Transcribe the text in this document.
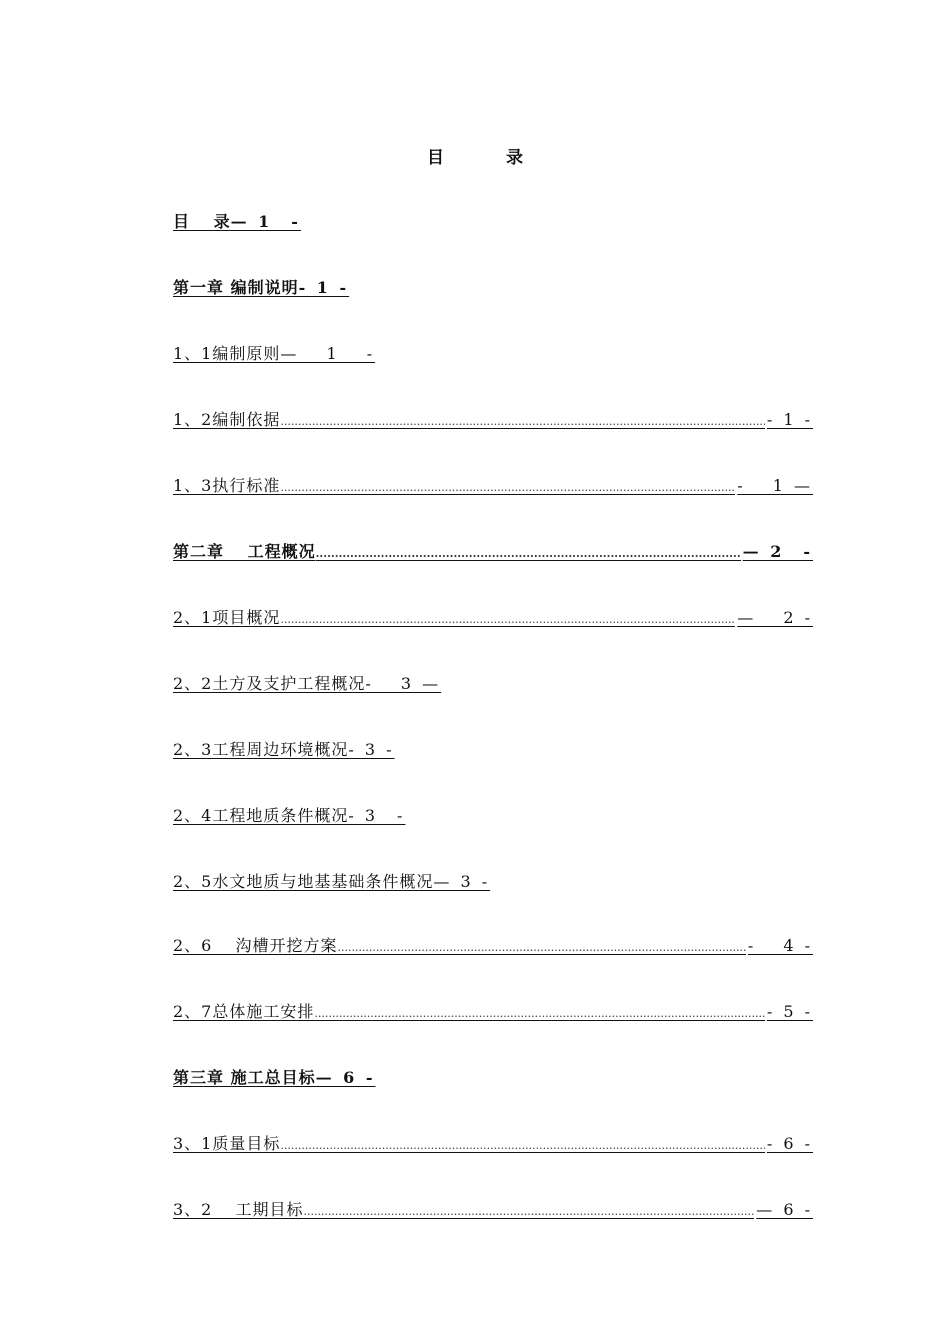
目 录
目　 录 — 1　-
第一章 编制说明 - 1 -
1、1编制原则 —　 1　 -
1、2编制依据 .....	- 1 -
1、3执行标准 .....	-　 1 —
第二章　 工程概况 .....	— 2　-
2、1项目概况 .....	—　 2 -
2、2土方及支护工程概况 -　 3 —
2、3工程周边环境概况 - 3 -
2、4工程地质条件概况 - 3　-
2、5水文地质与地基基础条件概况 — 3 -
2、6　 沟槽开挖方案 .....	-　 4 -
2、7总体施工安排 .....	- 5 -
第三章 施工总目标 — 6 -
3、1质量目标 .....	- 6 -
3、2　 工期目标 .....	— 6 -
